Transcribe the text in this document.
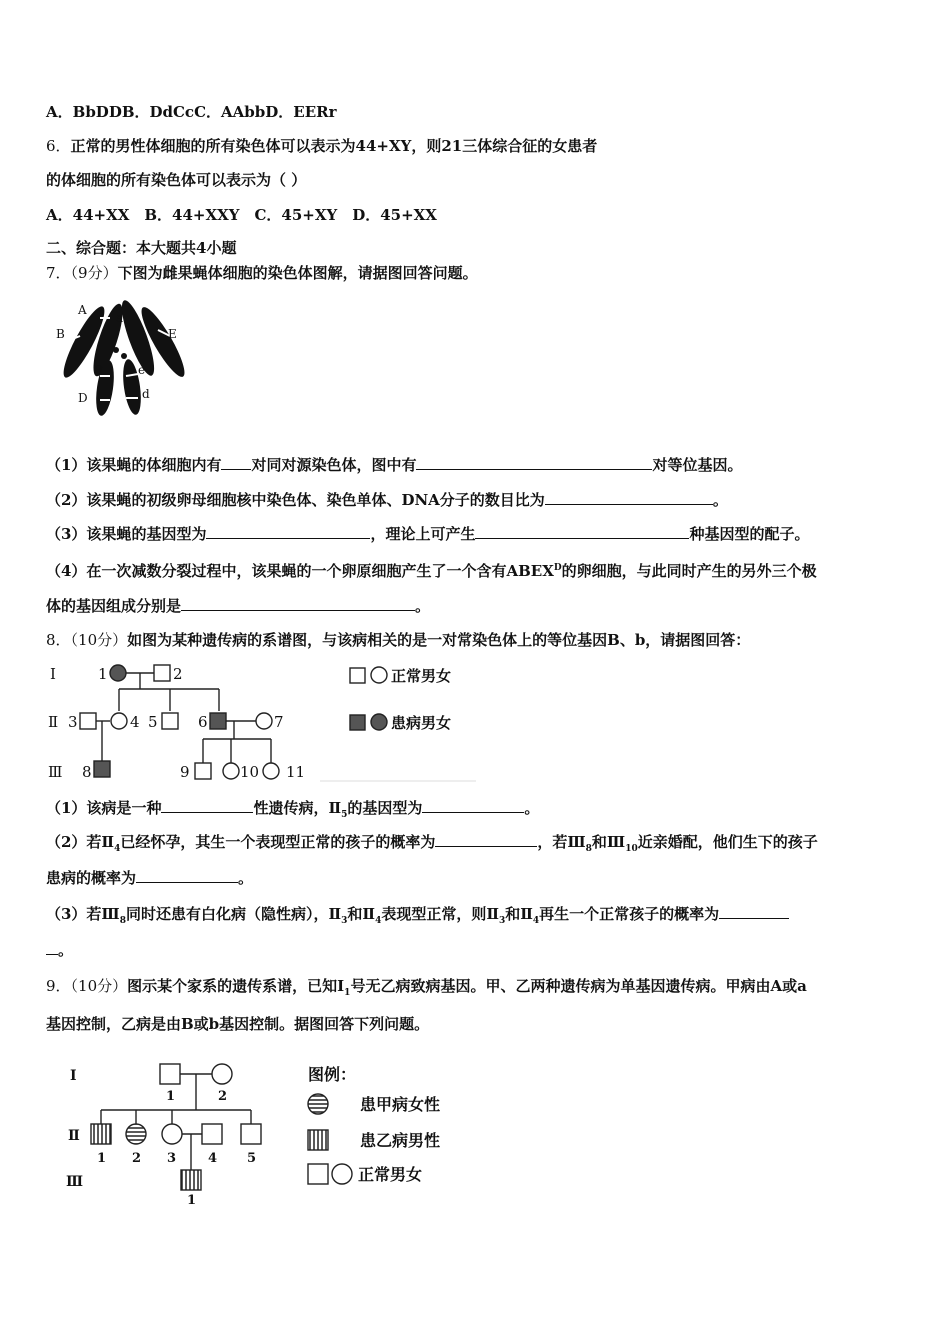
A．BbDDB．DdCcC．AAbbD．EERr
6．正常的男性体细胞的所有染色体可以表示为44+XY，则21三体综合征的女患者
的体细胞的所有染色体可以表示为（ ）
A．44+XX　B．44+XXY　C．45+XY　D．45+XX
二、综合题：本大题共4小题
7．（9分）下图为雌果蝇体细胞的染色体图解，请据图回答问题。
A
a
B	E
B	e
D	d
（1）该果蝇的体细胞内有 对同对源染色体，图中有	对等位基因。
（2）该果蝇的初级卵母细胞核中染色体、染色单体、DNA分子的数目比为	。
（3）该果蝇的基因型为	，理论上可产生	种基因型的配子。
（4）在一次减数分裂过程中，该果蝇的一个卵原细胞产生了一个含有$ABEX^D$的卵细胞，与此同时产生的另外三个极
体的基因组成分别是	。
8．（10分）如图为某种遗传病的系谱图，与该病相关的是一对常染色体上的等位基因B、b，请据图回答：
Ⅰ
Ⅱ
Ⅲ
1	2
3	4 5	6	7
8	9	10 11
正常男女
患病男女
（1）该病是一种	性遗传病，$Ⅱ_5$的基因型为	。
（2）若$Ⅱ_4$已经怀孕，其生一个表现型正常的孩子的概率为	，若$Ⅲ_8$和$Ⅲ_{10}$近亲婚配，他们生下的孩子
患病的概率为	。
（3）若$Ⅲ_8$同时还患有白化病（隐性病），$Ⅱ_3$和$Ⅱ_4$表现型正常，则$Ⅱ_3$和$Ⅱ_4$再生一个正常孩子的概率为
。
9．（10分）图示某个家系的遗传系谱，已知$Ⅰ_1$号无乙病致病基因。甲、乙两种遗传病为单基因遗传病。甲病由A或a
基因控制，乙病是由B或b基因控制。据图回答下列问题。
Ⅰ
Ⅱ
Ⅲ
1	2
1 2 3 4 5
1
图例：
患甲病女性
患乙病男性
正常男女
